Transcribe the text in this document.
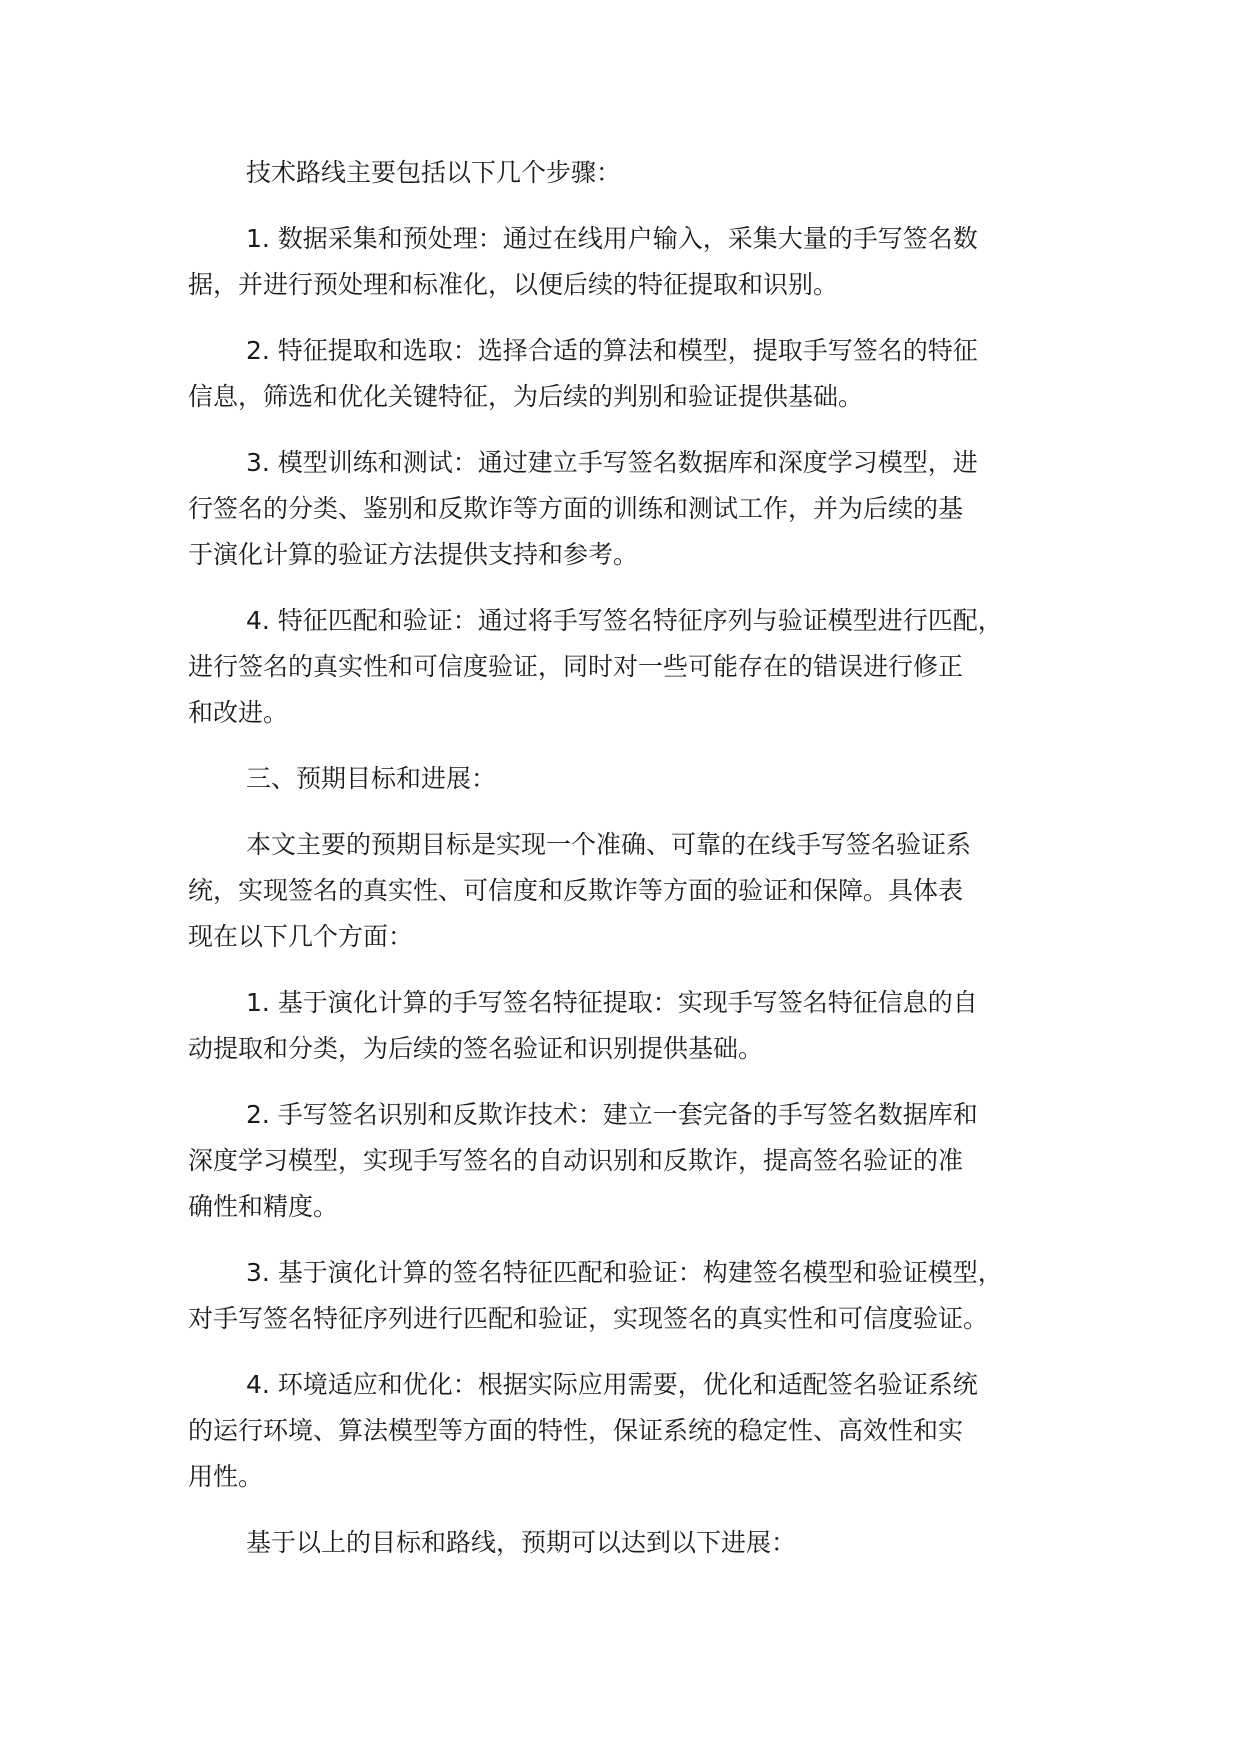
技术路线主要包括以下几个步骤：

1. 数据采集和预处理：通过在线用户输入，采集大量的手写签名数
据，并进行预处理和标准化，以便后续的特征提取和识别。

2. 特征提取和选取：选择合适的算法和模型，提取手写签名的特征
信息，筛选和优化关键特征，为后续的判别和验证提供基础。

3. 模型训练和测试：通过建立手写签名数据库和深度学习模型，进
行签名的分类、鉴别和反欺诈等方面的训练和测试工作，并为后续的基
于演化计算的验证方法提供支持和参考。

4. 特征匹配和验证：通过将手写签名特征序列与验证模型进行匹配，
进行签名的真实性和可信度验证，同时对一些可能存在的错误进行修正
和改进。

三、预期目标和进展：

本文主要的预期目标是实现一个准确、可靠的在线手写签名验证系
统，实现签名的真实性、可信度和反欺诈等方面的验证和保障。具体表
现在以下几个方面：

1. 基于演化计算的手写签名特征提取：实现手写签名特征信息的自
动提取和分类，为后续的签名验证和识别提供基础。

2. 手写签名识别和反欺诈技术：建立一套完备的手写签名数据库和
深度学习模型，实现手写签名的自动识别和反欺诈，提高签名验证的准
确性和精度。

3. 基于演化计算的签名特征匹配和验证：构建签名模型和验证模型，
对手写签名特征序列进行匹配和验证，实现签名的真实性和可信度验证。

4. 环境适应和优化：根据实际应用需要，优化和适配签名验证系统
的运行环境、算法模型等方面的特性，保证系统的稳定性、高效性和实
用性。

基于以上的目标和路线，预期可以达到以下进展：
